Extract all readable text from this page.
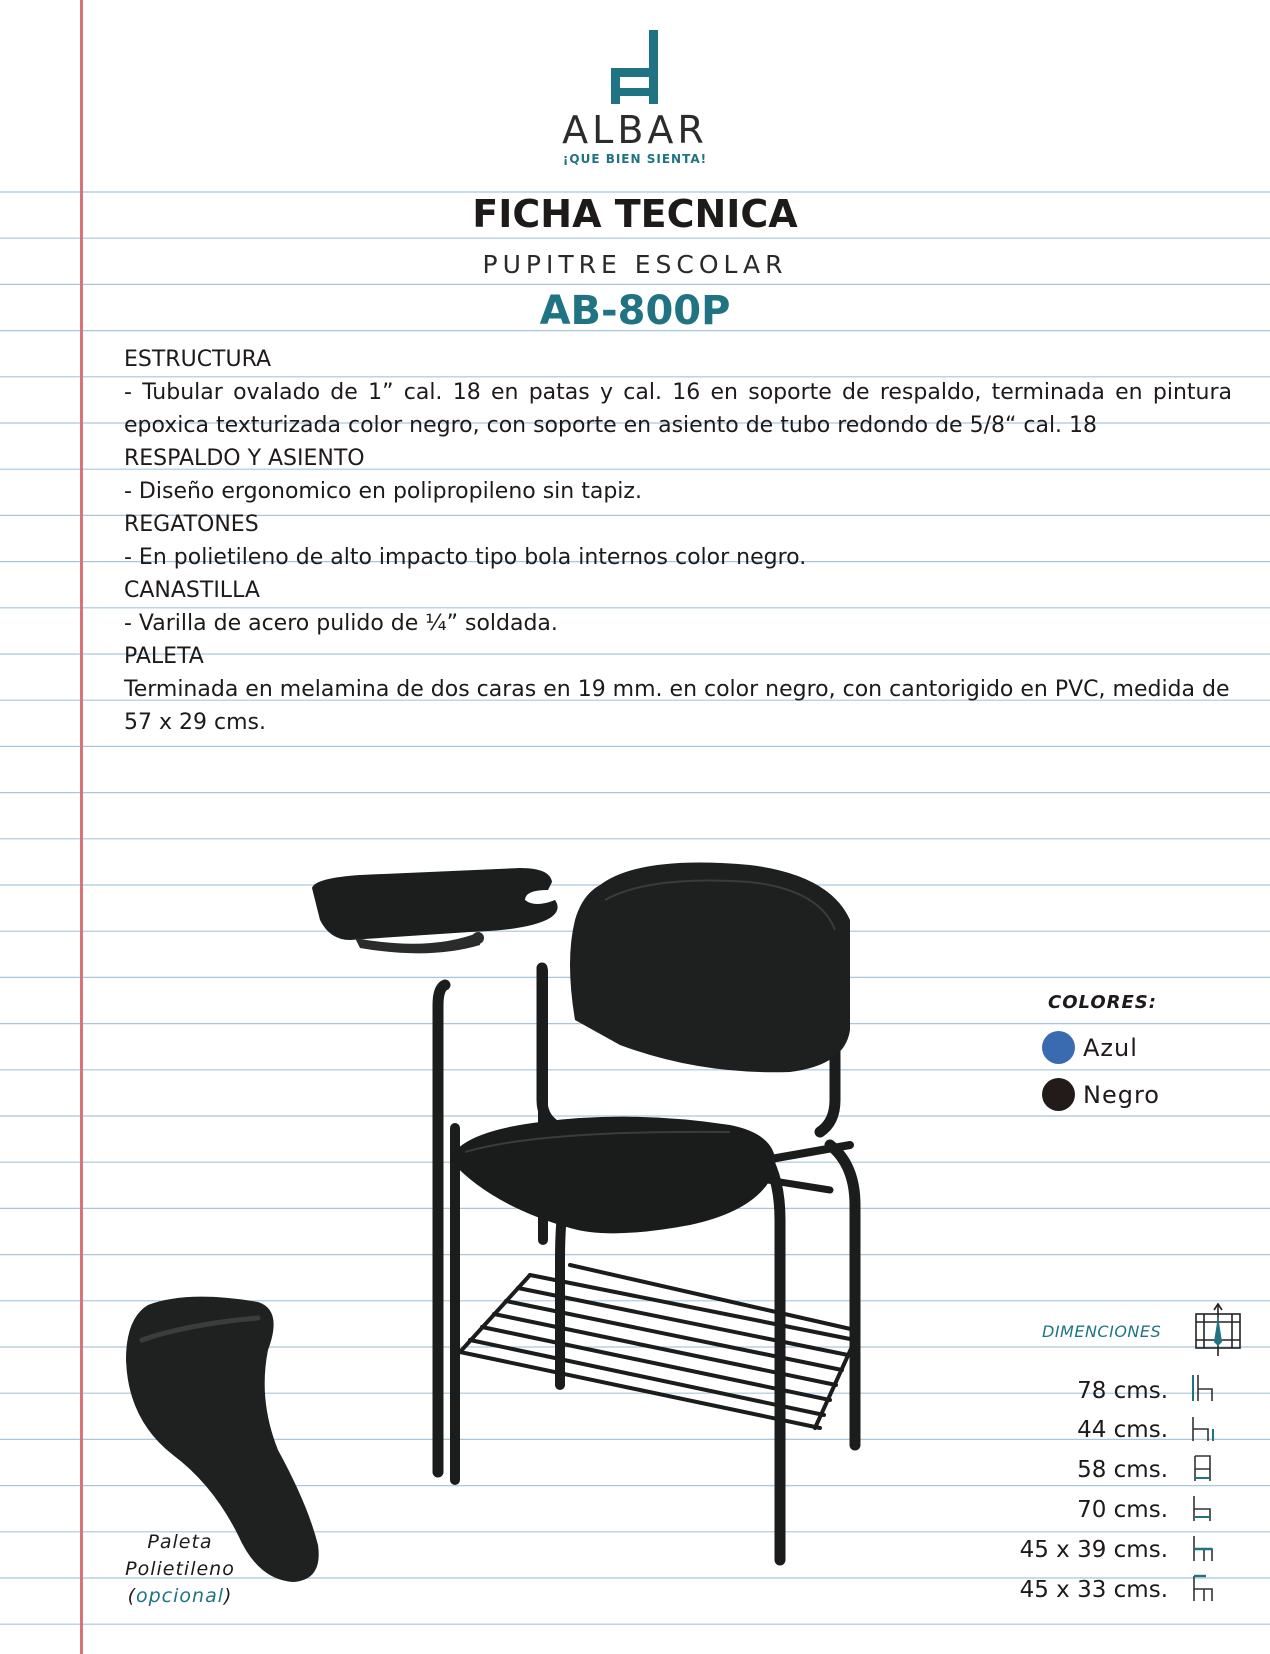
ALBAR
¡QUE BIEN SIENTA!
FICHA TECNICA
PUPITRE ESCOLAR
AB-800P

ESTRUCTURA

- Tubular ovalado de 1” cal. 18 en patas y cal. 16 en soporte de respaldo, terminada en pintura epoxica texturizada color negro, con soporte en asiento de tubo redondo de 5/8“ cal. 18

RESPALDO Y ASIENTO

- Diseño ergonomico en polipropileno sin tapiz.

REGATONES

- En polietileno de alto impacto tipo bola internos color negro.

CANASTILLA

- Varilla de acero pulido de ¼” soldada.

PALETA

Terminada en melamina de dos caras en 19 mm. en color negro, con cantorigido en PVC, medida de 57 x 29 cms.

Paleta
Polietileno
(opcional)
COLORES:
Azul
Negro
DIMENCIONES
78 cms.
44 cms.
58 cms.
70 cms.
45 x 39 cms.
45 x 33 cms.
